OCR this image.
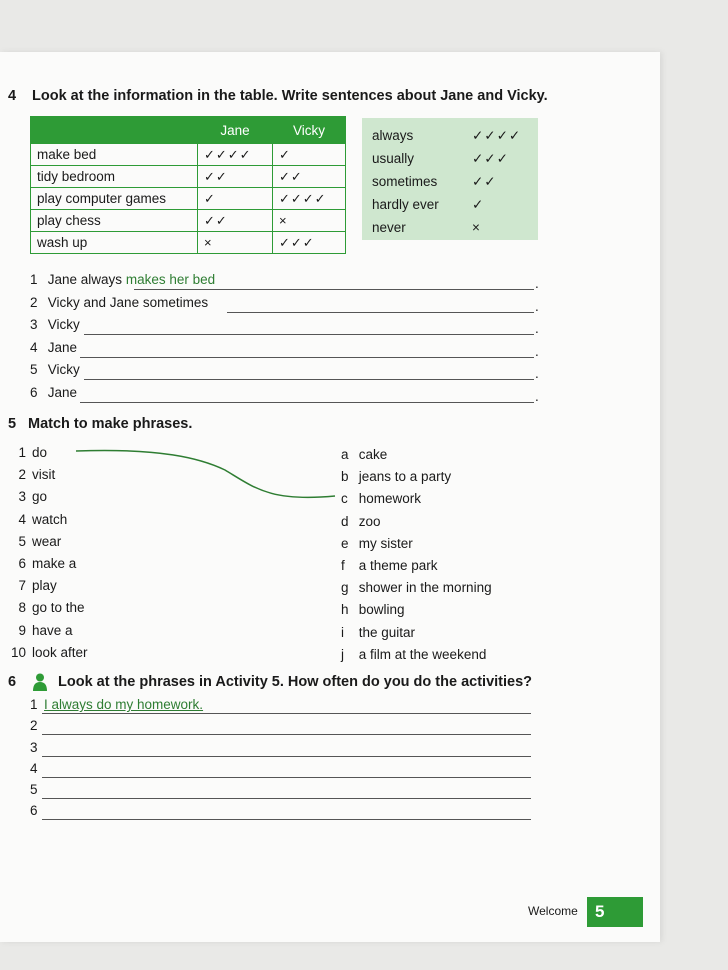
4 Look at the information in the table. Write sentences about Jane and Vicky.
	Jane	Vicky
make bed	✓✓✓✓	✓
tidy bedroom	✓✓	✓✓
play computer games	✓	✓✓✓✓
play chess	✓✓	×
wash up	×	✓✓✓
always	✓✓✓✓
usually	✓✓✓
sometimes	✓✓
hardly ever	✓
never	×
1 Jane always makes her bed	.
2 Vicky and Jane sometimes	.
3 Vicky	.
4 Jane	.
5 Vicky	.
6 Jane	.
5 Match to make phrases.
1 do
2 visit
3 go
4 watch
5 wear
6 make a
7 play
8 go to the
9 have a
10 look after
a cake
b jeans to a party
c homework
d zoo
e my sister
f a theme park
g shower in the morning
h bowling
i the guitar
j a film at the weekend
6	Look at the phrases in Activity 5. How often do you do the activities?
1 I always do my homework.
2
3
4
5
6
Welcome	5
